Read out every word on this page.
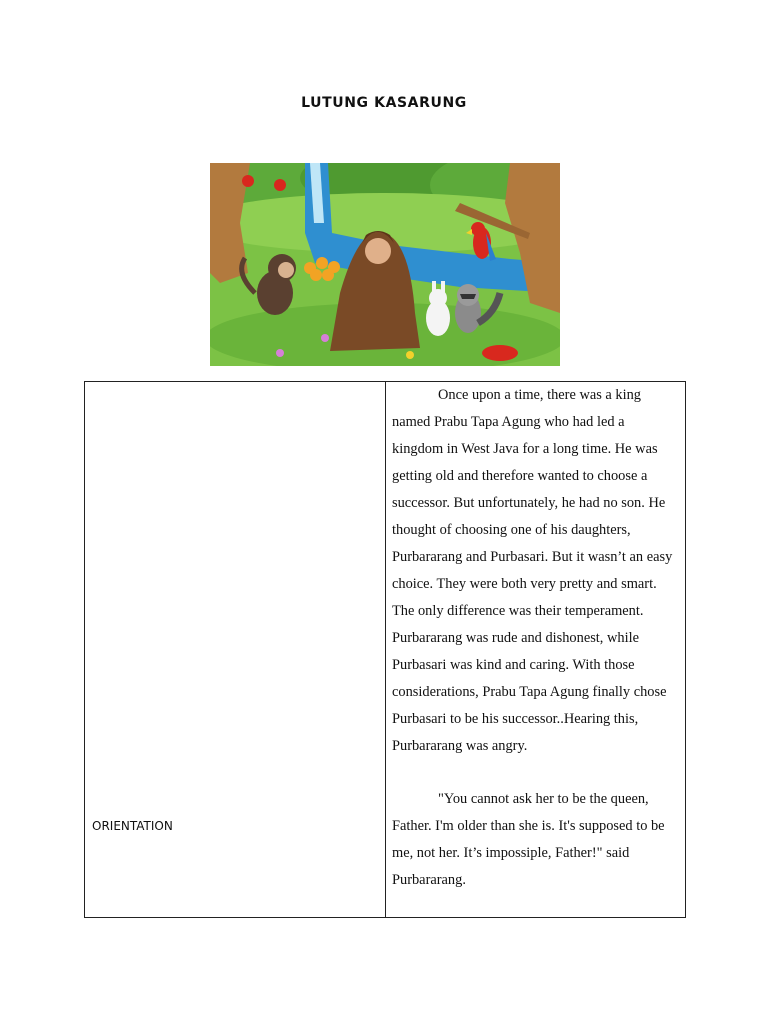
LUTUNG KASARUNG
ORIENTATION

Once upon a time, there was a king named Prabu Tapa Agung who had led a kingdom in West Java for a long time. He was getting old and therefore wanted to choose a successor. But unfortunately, he had no son. He thought of choosing one of his daughters, Purbararang and Purbasari. But it wasn’t an easy choice. They were both very pretty and smart. The only difference was their temperament. Purbararang was rude and dishonest, while Purbasari was kind and caring. With those considerations, Prabu Tapa Agung finally chose Purbasari to be his successor..Hearing this, Purbararang was angry.

"You cannot ask her to be the queen, Father. I'm older than she is. It's supposed to be me, not her. It’s impossiple, Father!" said Purbararang.
